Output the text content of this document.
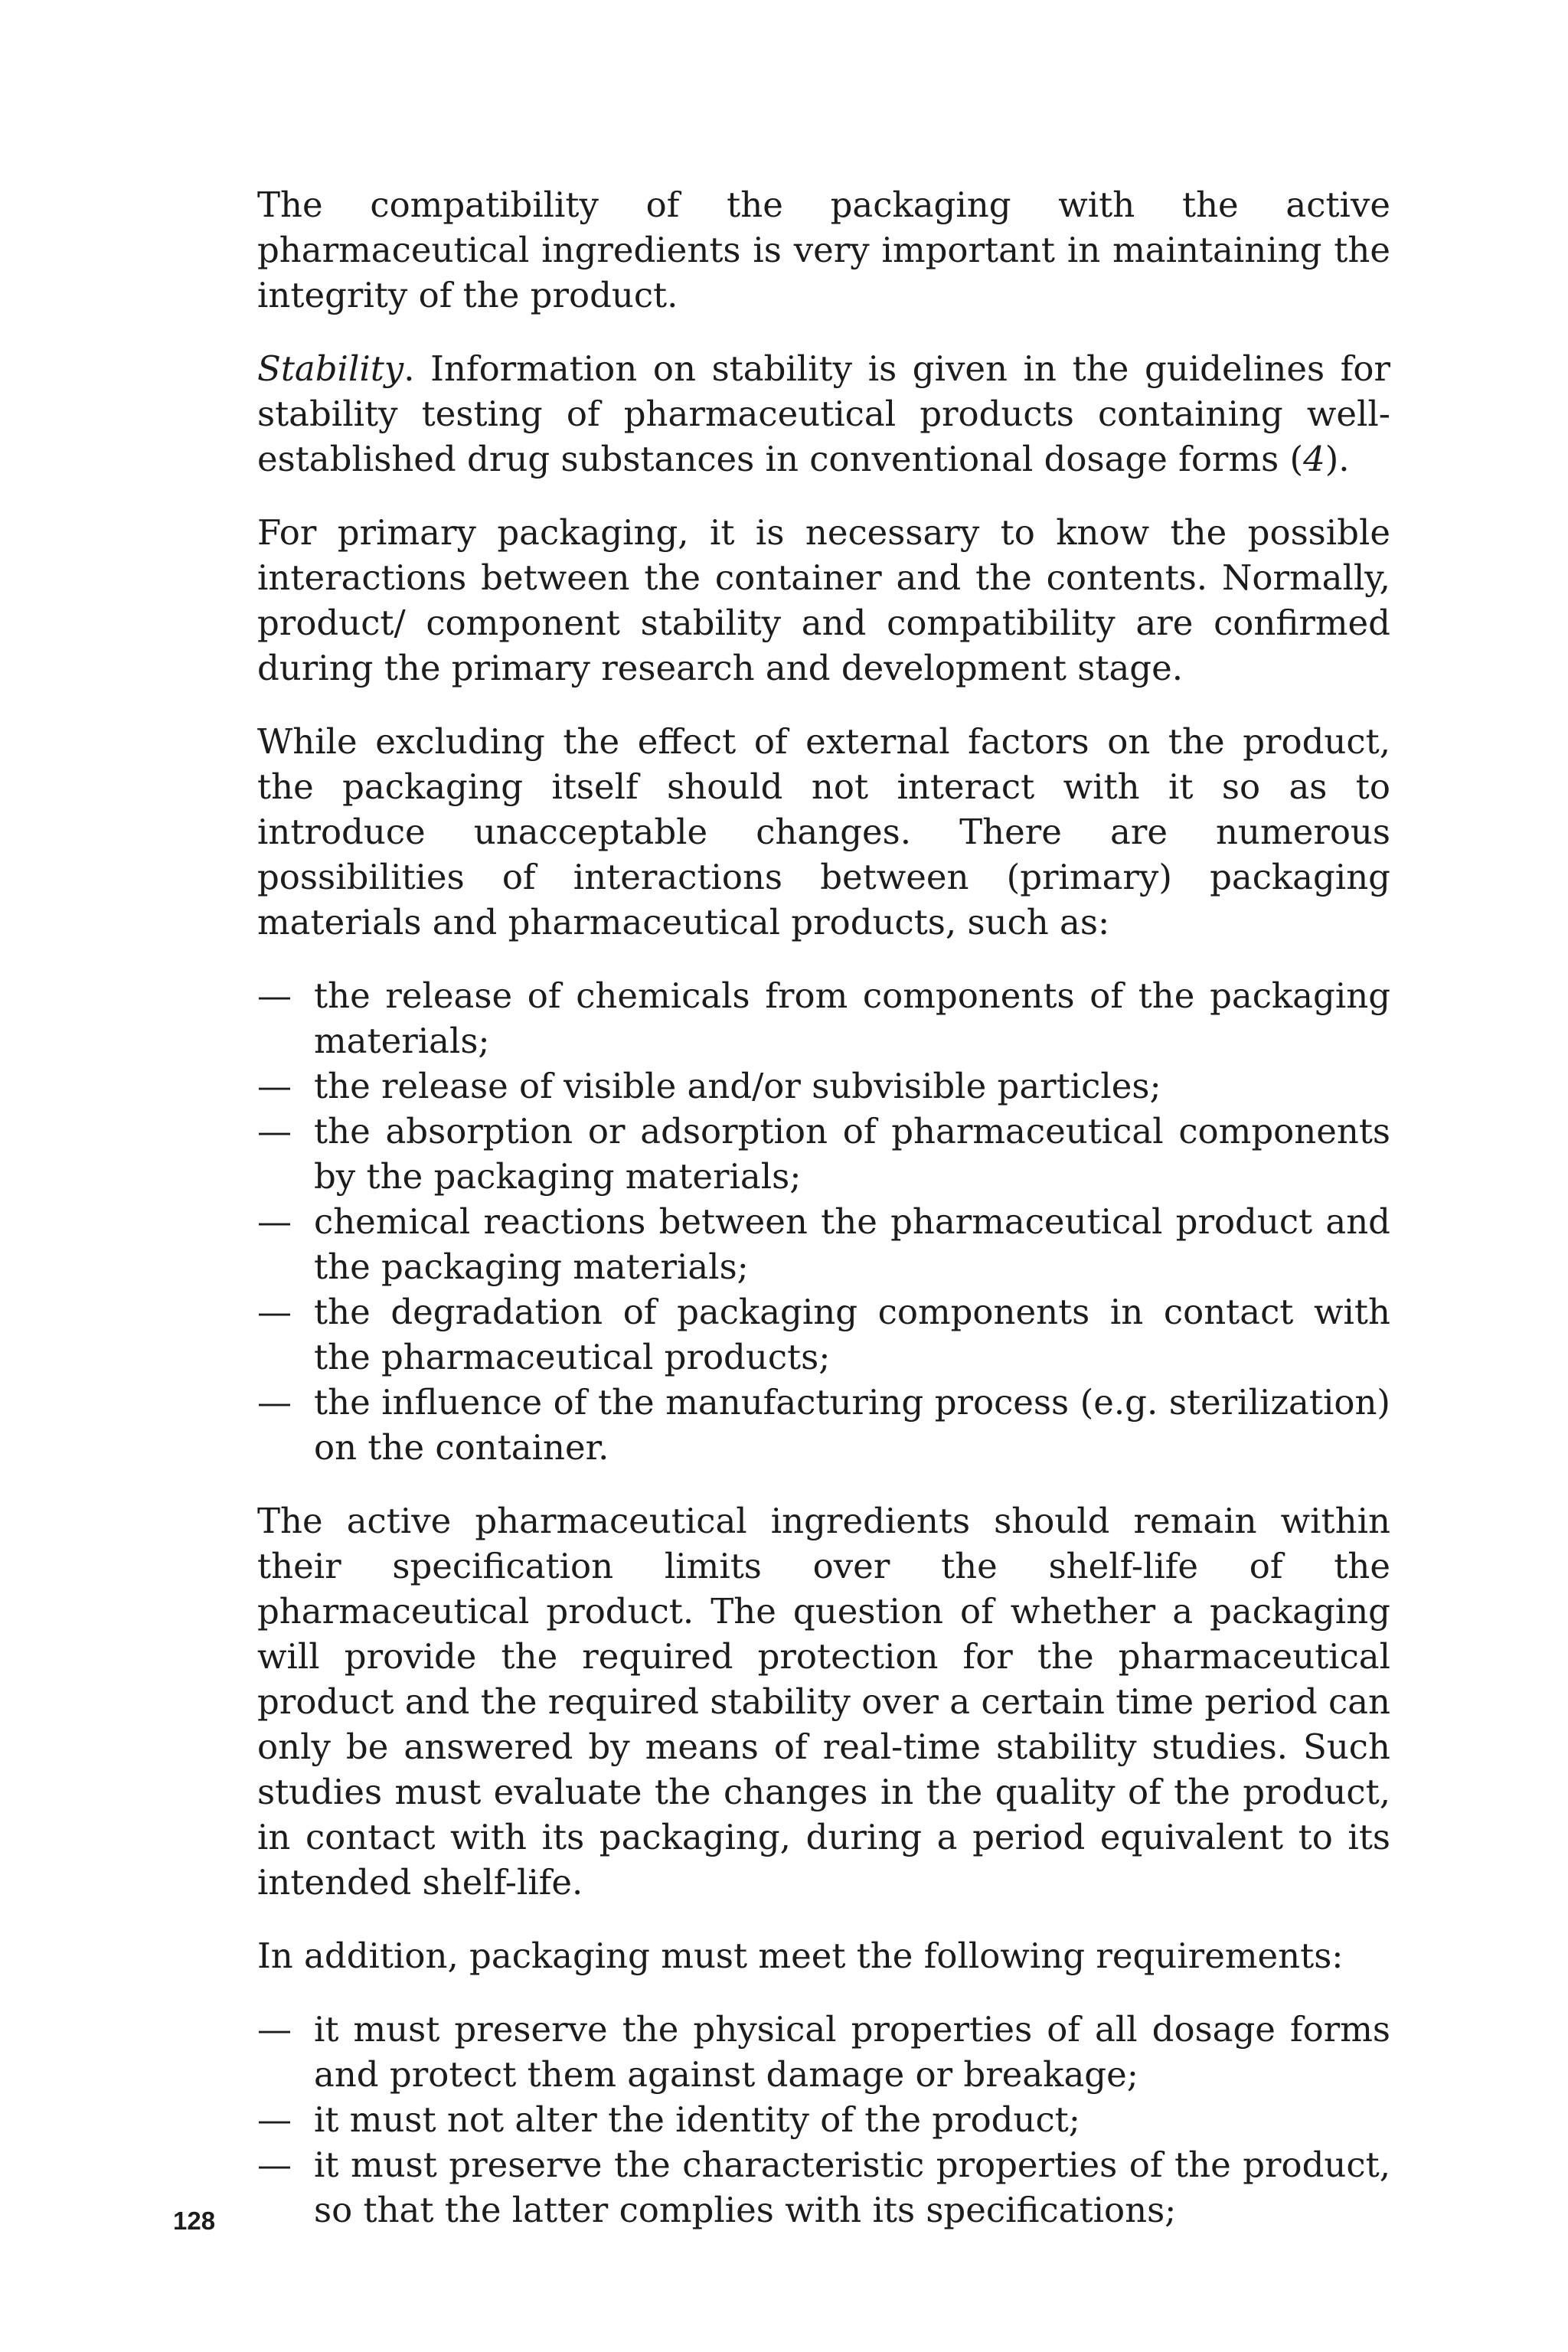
The compatibility of the packaging with the active pharmaceutical ingredients is very important in maintaining the integrity of the product.

Stability. Information on stability is given in the guidelines for stability testing of pharmaceutical products containing well-established drug substances in conventional dosage forms (4).

For primary packaging, it is necessary to know the possible interactions between the container and the contents. Normally, product/ component stability and compatibility are confirmed during the primary research and development stage.

While excluding the effect of external factors on the product, the packaging itself should not interact with it so as to introduce unacceptable changes. There are numerous possibilities of interactions between (primary) packaging materials and pharmaceutical products, such as:

— the release of chemicals from components of the packaging materials;
— the release of visible and/or subvisible particles;
— the absorption or adsorption of pharmaceutical components by the packaging materials;
— chemical reactions between the pharmaceutical product and the packaging materials;
— the degradation of packaging components in contact with the pharmaceutical products;
— the influence of the manufacturing process (e.g. sterilization) on the container.

The active pharmaceutical ingredients should remain within their specification limits over the shelf-life of the pharmaceutical product. The question of whether a packaging will provide the required protection for the pharmaceutical product and the required stability over a certain time period can only be answered by means of real-time stability studies. Such studies must evaluate the changes in the quality of the product, in contact with its packaging, during a period equivalent to its intended shelf-life.

In addition, packaging must meet the following requirements:

— it must preserve the physical properties of all dosage forms and protect them against damage or breakage;
— it must not alter the identity of the product;
— it must preserve the characteristic properties of the product, so that the latter complies with its specifications;
128
